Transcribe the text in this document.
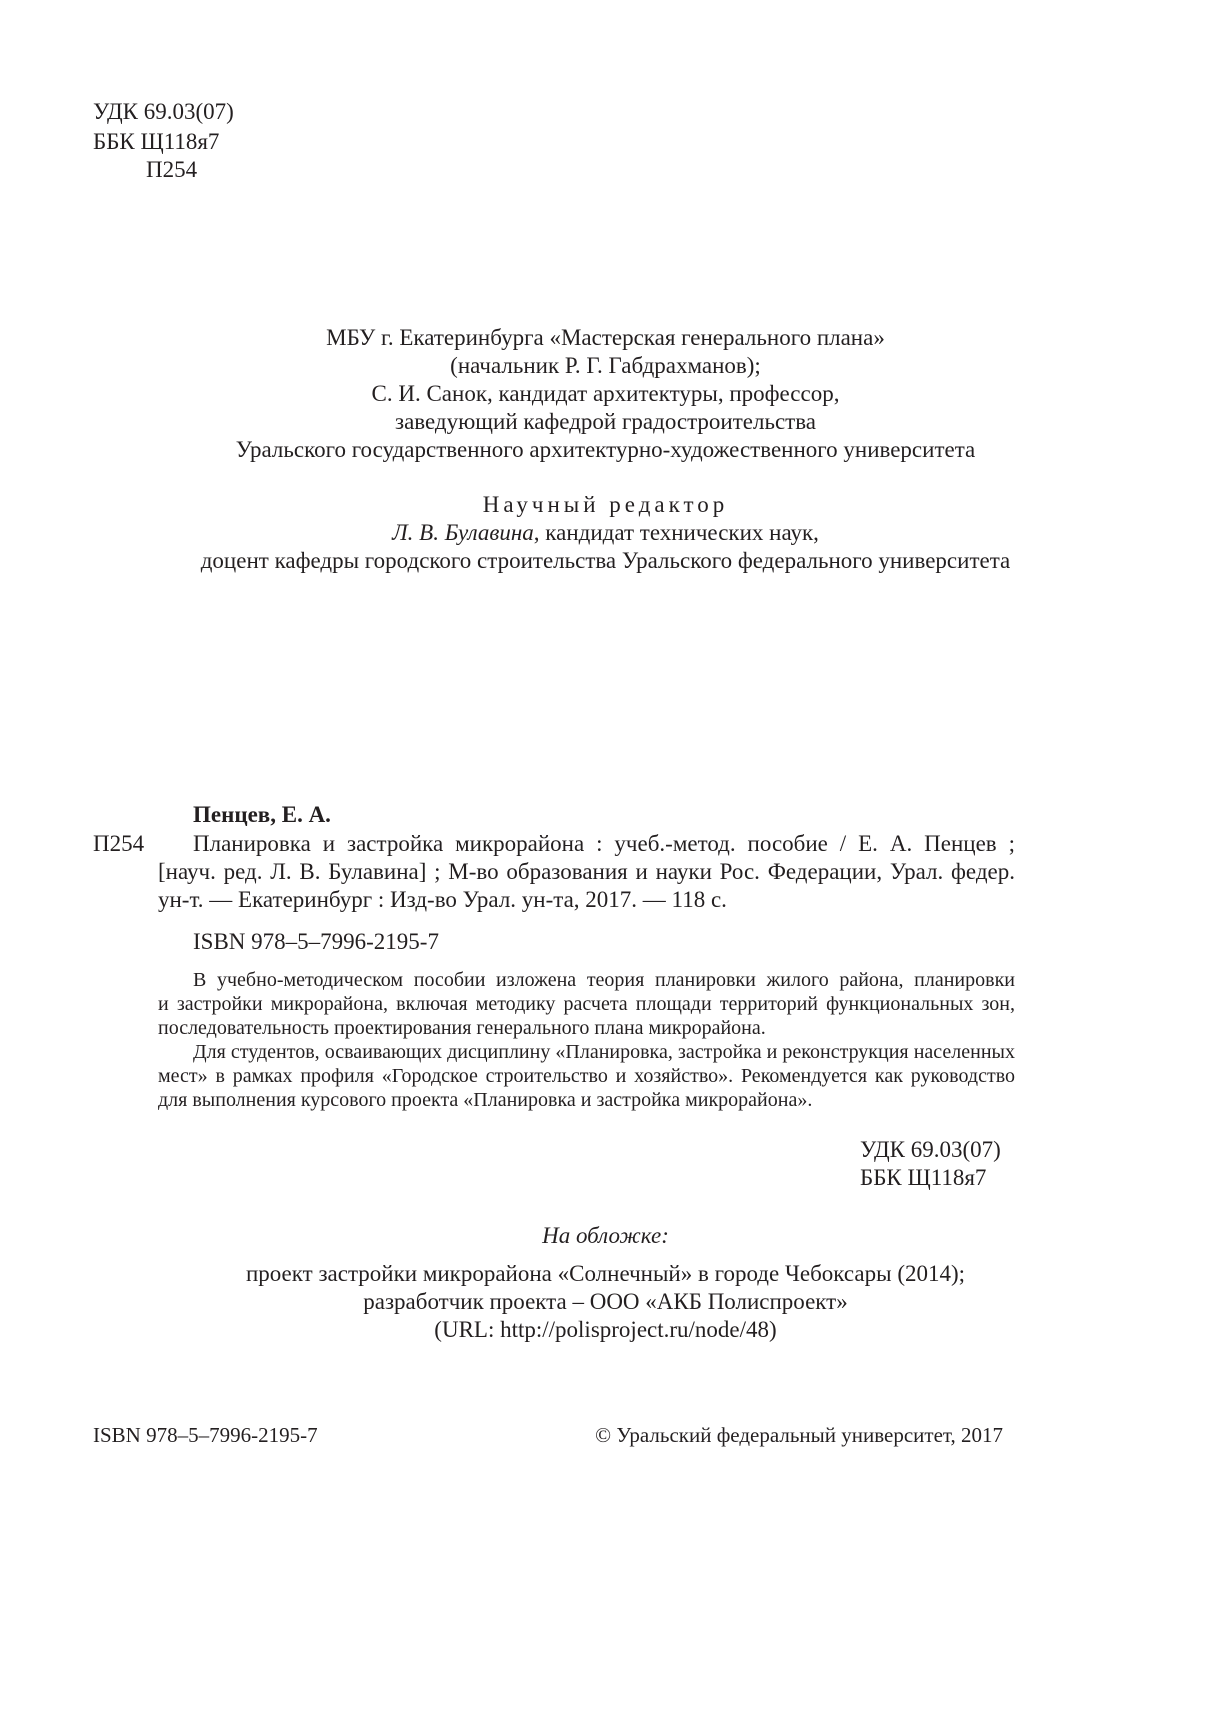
УДК 69.03(07)
ББК Щ118я7
П254
МБУ г. Екатеринбурга «Мастерская генерального плана»
(начальник Р. Г. Габдрахманов);
С. И. Санок, кандидат архитектуры, профессор,
заведующий кафедрой градостроительства
Уральского государственного архитектурно-художественного университета
Научный редактор
Л. В. Булавина, кандидат технических наук,
доцент кафедры городского строительства Уральского федерального университета
Пенцев, Е. А.
П254 Планировка и застройка микрорайона : учеб.-метод. пособие / Е. А. Пенцев ;
[науч. ред. Л. В. Булавина] ; М-во образования и науки Рос. Федерации, Урал. федер.
ун-т. — Екатеринбург : Изд-во Урал. ун-та, 2017. — 118 с.
ISBN 978–5–7996-2195-7
В учебно-методическом пособии изложена теория планировки жилого района, планировки
и застройки микрорайона, включая методику расчета площади территорий функциональных зон,
последовательность проектирования генерального плана микрорайона.
Для студентов, осваивающих дисциплину «Планировка, застройка и реконструкция населенных
мест» в рамках профиля «Городское строительство и хозяйство». Рекомендуется как руководство
для выполнения курсового проекта «Планировка и застройка микрорайона».
УДК 69.03(07)
ББК Щ118я7
На обложке:
проект застройки микрорайона «Солнечный» в городе Чебоксары (2014);
разработчик проекта – ООО «АКБ Полиспроект»
(URL: http://polisproject.ru/node/48)
ISBN 978–5–7996-2195-7	© Уральский федеральный университет, 2017
